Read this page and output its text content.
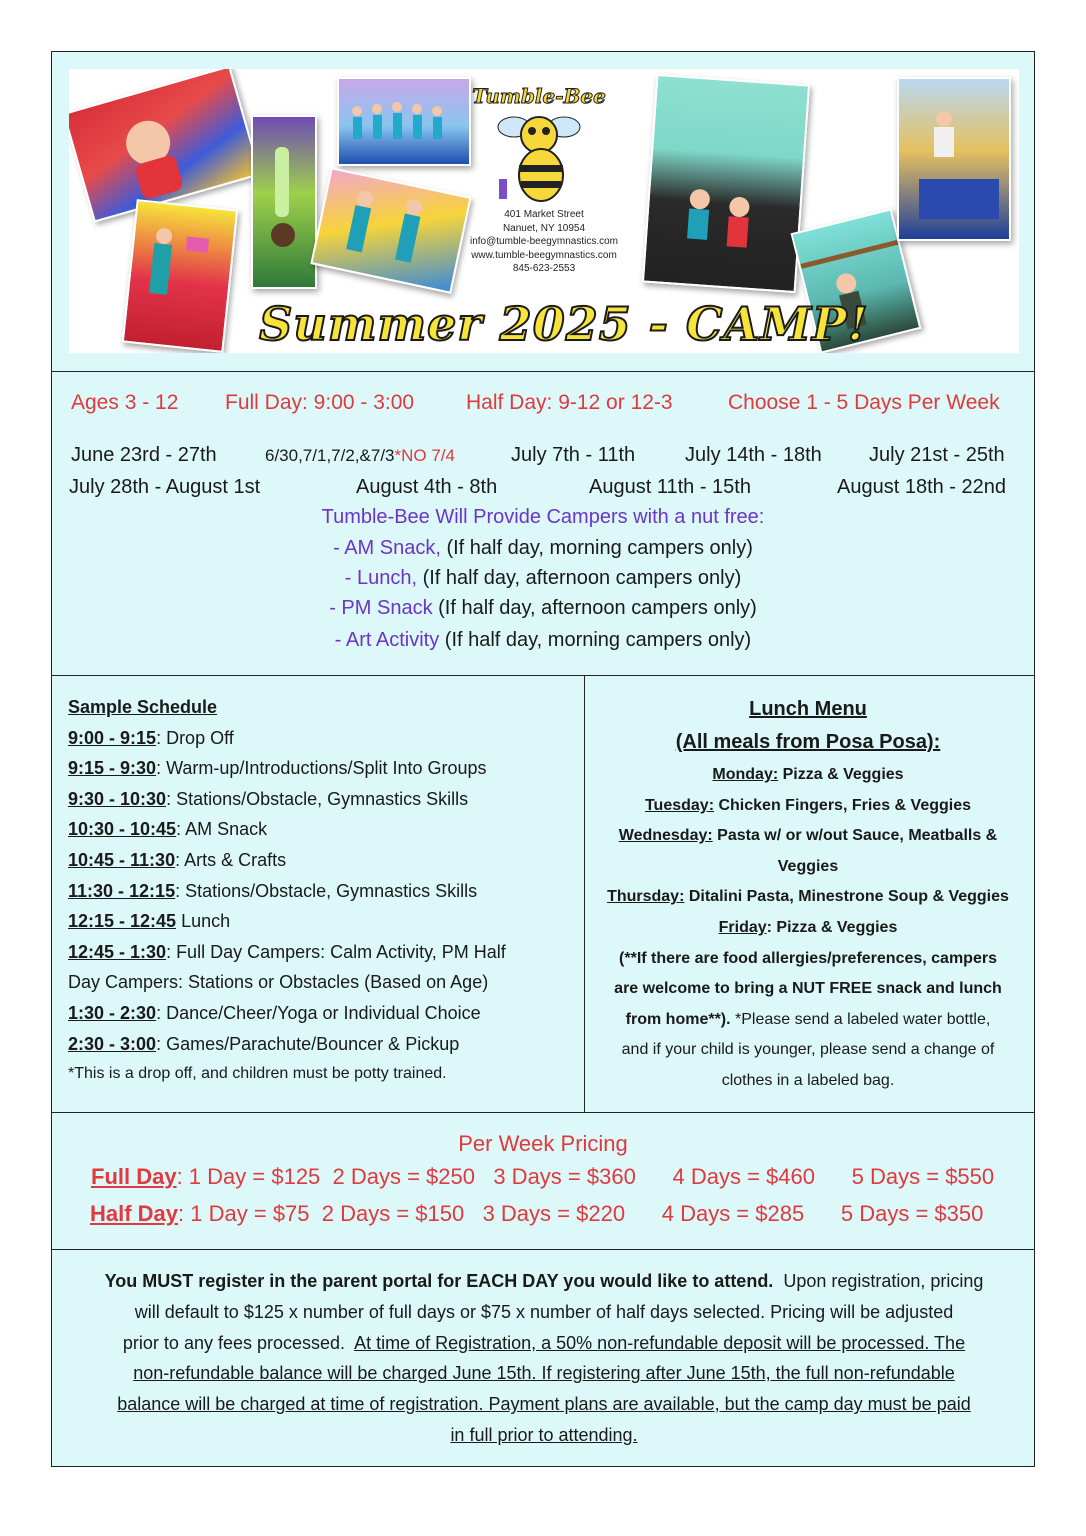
Tumble-Bee
401 Market Street
Nanuet, NY 10954
info@tumble-beegymnastics.com
www.tumble-beegymnastics.com
845-623-2553
Summer 2025 - CAMP!
Ages 3 - 12 Full Day: 9:00 - 3:00 Half Day: 9-12 or 12-3	Choose 1 - 5 Days Per Week
June 23rd - 27th	6/30,7/1,7/2,&7/3*NO 7/4	July 7th - 11th July 14th - 18th July 21st - 25th
July 28th - August 1st	August 4th - 8th	August 11th - 15th	August 18th - 22nd
Tumble-Bee Will Provide Campers with a nut free:
- AM Snack, (If half day, morning campers only)
- Lunch, (If half day, afternoon campers only)
- PM Snack (If half day, afternoon campers only)
- Art Activity (If half day, morning campers only)
Sample Schedule
9:00 - 9:15: Drop Off
9:15 - 9:30: Warm-up/Introductions/Split Into Groups
9:30 - 10:30: Stations/Obstacle, Gymnastics Skills
10:30 - 10:45: AM Snack
10:45 - 11:30: Arts & Crafts
11:30 - 12:15: Stations/Obstacle, Gymnastics Skills
12:15 - 12:45 Lunch
12:45 - 1:30: Full Day Campers: Calm Activity, PM Half
Day Campers: Stations or Obstacles (Based on Age)
1:30 - 2:30: Dance/Cheer/Yoga or Individual Choice
2:30 - 3:00: Games/Parachute/Bouncer & Pickup
*This is a drop off, and children must be potty trained.
Lunch Menu
(All meals from Posa Posa):
Monday: Pizza & Veggies
Tuesday: Chicken Fingers, Fries & Veggies
Wednesday: Pasta w/ or w/out Sauce, Meatballs &
Veggies
Thursday: Ditalini Pasta, Minestrone Soup & Veggies
Friday: Pizza & Veggies
(**If there are food allergies/preferences, campers
are welcome to bring a NUT FREE snack and lunch
from home**). *Please send a labeled water bottle,
and if your child is younger, please send a change of
clothes in a labeled bag.
Per Week Pricing
Full Day: 1 Day = $125  2 Days = $250   3 Days = $360      4 Days = $460      5 Days = $550
Half Day: 1 Day = $75  2 Days = $150   3 Days = $220      4 Days = $285      5 Days = $350
You MUST register in the parent portal for EACH DAY you would like to attend.  Upon registration, pricing
will default to $125 x number of full days or $75 x number of half days selected. Pricing will be adjusted
prior to any fees processed.  At time of Registration, a 50% non-refundable deposit will be processed. The
non-refundable balance will be charged June 15th. If registering after June 15th, the full non-refundable
balance will be charged at time of registration. Payment plans are available, but the camp day must be paid
in full prior to attending.
